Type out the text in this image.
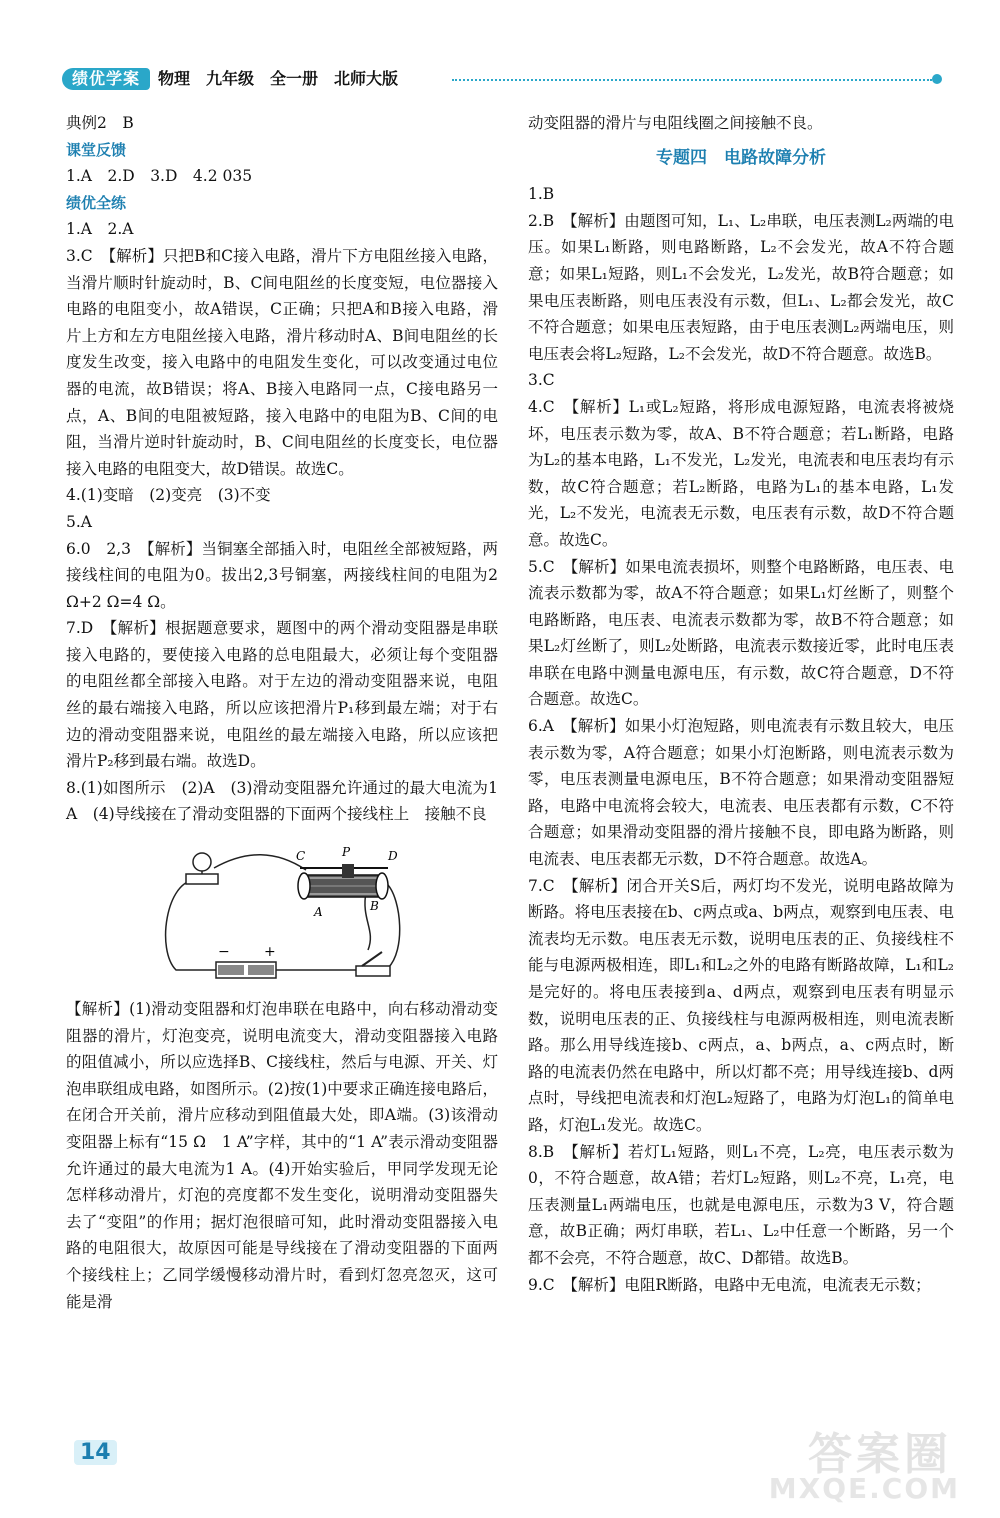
绩优学案	物理　九年级　全一册　北师大版

典例2　B

课堂反馈

1.A　2.D　3.D　4.2 035

绩优全练

1.A　2.A

3.C　【解析】只把B和C接入电路，滑片下方电阻丝接入电路，当滑片顺时针旋动时，B、C间电阻丝的长度变短，电位器接入电路的电阻变小，故A错误，C正确；只把A和B接入电路，滑片上方和左方电阻丝接入电路，滑片移动时A、B间电阻丝的长度发生改变，接入电路中的电阻发生变化，可以改变通过电位器的电流，故B错误；将A、B接入电路同一点，C接电路另一点，A、B间的电阻被短路，接入电路中的电阻为B、C间的电阻，当滑片逆时针旋动时，B、C间电阻丝的长度变长，电位器接入电路的电阻变大，故D错误。故选C。

4.(1)变暗　(2)变亮　(3)不变

5.A

6.0　2,3　【解析】当铜塞全部插入时，电阻丝全部被短路，两接线柱间的电阻为0。拔出2,3号铜塞，两接线柱间的电阻为2 Ω+2 Ω=4 Ω。

7.D　【解析】根据题意要求，题图中的两个滑动变阻器是串联接入电路的，要使接入电路的总电阻最大，必须让每个变阻器的电阻丝都全部接入电路。对于左边的滑动变阻器来说，电阻丝的最右端接入电路，所以应该把滑片P₁移到最左端；对于右边的滑动变阻器来说，电阻丝的最左端接入电路，所以应该把滑片P₂移到最右端。故选D。

8.(1)如图所示　(2)A　(3)滑动变阻器允许通过的最大电流为1 A　(4)导线接在了滑动变阻器的下面两个接线柱上　接触不良

C	P	D
A	B
− +

【解析】(1)滑动变阻器和灯泡串联在电路中，向右移动滑动变阻器的滑片，灯泡变亮，说明电流变大，滑动变阻器接入电路的阻值减小，所以应选择B、C接线柱，然后与电源、开关、灯泡串联组成电路，如图所示。(2)按(1)中要求正确连接电路后，在闭合开关前，滑片应移动到阻值最大处，即A端。(3)该滑动变阻器上标有“15 Ω　1 A”字样，其中的“1 A”表示滑动变阻器允许通过的最大电流为1 A。(4)开始实验后，甲同学发现无论怎样移动滑片，灯泡的亮度都不发生变化，说明滑动变阻器失去了“变阻”的作用；据灯泡很暗可知，此时滑动变阻器接入电路的电阻很大，故原因可能是导线接在了滑动变阻器的下面两个接线柱上；乙同学缓慢移动滑片时，看到灯忽亮忽灭，这可能是滑

动变阻器的滑片与电阻线圈之间接触不良。

专题四　电路故障分析

1.B

2.B　【解析】由题图可知，L₁、L₂串联，电压表测L₂两端的电压。如果L₁断路，则电路断路，L₂不会发光，故A不符合题意；如果L₁短路，则L₁不会发光，L₂发光，故B符合题意；如果电压表断路，则电压表没有示数，但L₁、L₂都会发光，故C不符合题意；如果电压表短路，由于电压表测L₂两端电压，则电压表会将L₂短路，L₂不会发光，故D不符合题意。故选B。

3.C

4.C　【解析】L₁或L₂短路，将形成电源短路，电流表将被烧坏，电压表示数为零，故A、B不符合题意；若L₁断路，电路为L₂的基本电路，L₁不发光，L₂发光，电流表和电压表均有示数，故C符合题意；若L₂断路，电路为L₁的基本电路，L₁发光，L₂不发光，电流表无示数，电压表有示数，故D不符合题意。故选C。

5.C　【解析】如果电流表损坏，则整个电路断路，电压表、电流表示数都为零，故A不符合题意；如果L₁灯丝断了，则整个电路断路，电压表、电流表示数都为零，故B不符合题意；如果L₂灯丝断了，则L₂处断路，电流表示数接近零，此时电压表串联在电路中测量电源电压，有示数，故C符合题意，D不符合题意。故选C。

6.A　【解析】如果小灯泡短路，则电流表有示数且较大，电压表示数为零，A符合题意；如果小灯泡断路，则电流表示数为零，电压表测量电源电压，B不符合题意；如果滑动变阻器短路，电路中电流将会较大，电流表、电压表都有示数，C不符合题意；如果滑动变阻器的滑片接触不良，即电路为断路，则电流表、电压表都无示数，D不符合题意。故选A。

7.C　【解析】闭合开关S后，两灯均不发光，说明电路故障为断路。将电压表接在b、c两点或a、b两点，观察到电压表、电流表均无示数。电压表无示数，说明电压表的正、负接线柱不能与电源两极相连，即L₁和L₂之外的电路有断路故障，L₁和L₂是完好的。将电压表接到a、d两点，观察到电压表有明显示数，说明电压表的正、负接线柱与电源两极相连，则电流表断路。那么用导线连接b、c两点，a、b两点，a、c两点时，断路的电流表仍然在电路中，所以灯都不亮；用导线连接b、d两点时，导线把电流表和灯泡L₂短路了，电路为灯泡L₁的简单电路，灯泡L₁发光。故选C。

8.B　【解析】若灯L₁短路，则L₁不亮，L₂亮，电压表示数为0，不符合题意，故A错；若灯L₂短路，则L₂不亮，L₁亮，电压表测量L₁两端电压，也就是电源电压，示数为3 V，符合题意，故B正确；两灯串联，若L₁、L₂中任意一个断路，另一个都不会亮，不符合题意，故C、D都错。故选B。

9.C　【解析】电阻R断路，电路中无电流，电流表无示数；

14	答案圈
MXQE.COM
